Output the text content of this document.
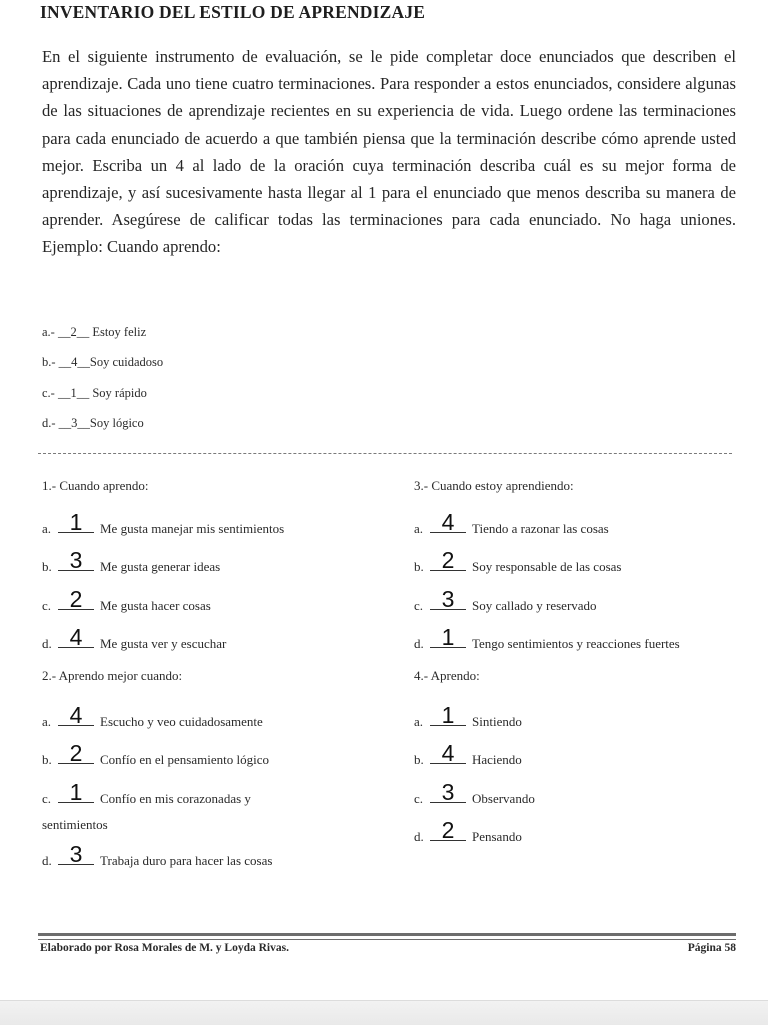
INVENTARIO DEL ESTILO DE APRENDIZAJE
En el siguiente instrumento de evaluación, se le pide completar doce enunciados que describen el aprendizaje. Cada uno tiene cuatro terminaciones. Para responder a estos enunciados, considere algunas de las situaciones de aprendizaje recientes en su experiencia de vida. Luego ordene las terminaciones para cada enunciado de acuerdo a que también piensa que la terminación describe cómo aprende usted mejor. Escriba un 4 al lado de la oración cuya terminación describa cuál es su mejor forma de aprendizaje, y así sucesivamente hasta llegar al 1 para el enunciado que menos describa su manera de aprender. Asegúrese de calificar todas las terminaciones para cada enunciado. No haga uniones. Ejemplo: Cuando aprendo:
a.- __2__ Estoy feliz
b.- __4__Soy cuidadoso
c.- __1__ Soy rápido
d.- __3__Soy lógico
1.- Cuando aprendo:
a. 1	Me gusta manejar mis sentimientos
b. 3	Me gusta generar ideas
c. 2	Me gusta hacer cosas
d. 4	Me gusta ver y escuchar
2.- Aprendo mejor cuando:
a. 4	Escucho y veo cuidadosamente
b. 2	Confío en el pensamiento lógico
c. 1	Confío en mis corazonadas y
sentimientos
d. 3	Trabaja duro para hacer las cosas
3.- Cuando estoy aprendiendo:
a. 4	Tiendo a razonar las cosas
b. 2	Soy responsable de las cosas
c. 3	Soy callado y reservado
d. 1	Tengo sentimientos y reacciones fuertes
4.- Aprendo:
a. 1	Sintiendo
b. 4	Haciendo
c. 3	Observando
d. 2	Pensando
Elaborado por Rosa Morales de M. y Loyda Rivas.	Página 58
